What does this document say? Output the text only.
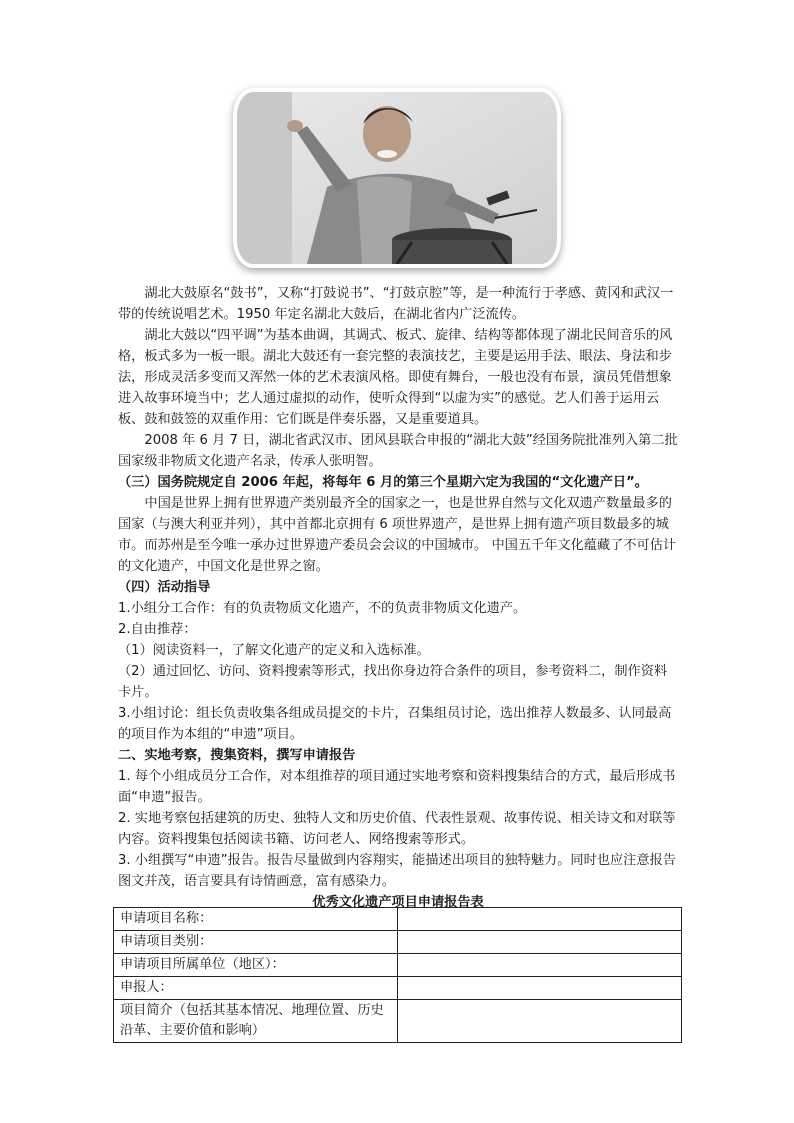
湖北大鼓原名“鼓书”，又称“打鼓说书”、“打鼓京腔”等，是一种流行于孝感、黄冈和武汉一带的传统说唱艺术。1950 年定名湖北大鼓后，在湖北省内广泛流传。

湖北大鼓以“四平调”为基本曲调，其调式、板式、旋律、结构等都体现了湖北民间音乐的风格，板式多为一板一眼。湖北大鼓还有一套完整的表演技艺，主要是运用手法、眼法、身法和步法，形成灵活多变而又浑然一体的艺术表演风格。即使有舞台，一般也没有布景，演员凭借想象进入故事环境当中；艺人通过虚拟的动作，使听众得到“以虚为实”的感觉。艺人们善于运用云板、鼓和鼓签的双重作用：它们既是伴奏乐器，又是重要道具。

2008 年 6 月 7 日，湖北省武汉市、团风县联合申报的“湖北大鼓”经国务院批准列入第二批国家级非物质文化遗产名录，传承人张明智。

（三）国务院规定自 2006 年起，将每年 6 月的第三个星期六定为我国的“文化遗产日”。

中国是世界上拥有世界遗产类别最齐全的国家之一，也是世界自然与文化双遗产数量最多的国家（与澳大利亚并列），其中首都北京拥有 6 项世界遗产，是世界上拥有遗产项目数最多的城市。而苏州是至今唯一承办过世界遗产委员会会议的中国城市。 中国五千年文化蕴藏了不可估计的文化遗产，中国文化是世界之窗。

（四）活动指导

1.小组分工合作：有的负责物质文化遗产，不的负责非物质文化遗产。

2.自由推荐：

（1）阅读资料一，了解文化遗产的定义和入选标准。

（2）通过回忆、访问、资料搜索等形式，找出你身边符合条件的项目，参考资料二，制作资料卡片。

3.小组讨论：组长负责收集各组成员提交的卡片，召集组员讨论，选出推荐人数最多、认同最高的项目作为本组的“申遗”项目。

二、实地考察，搜集资料，撰写申请报告

1. 每个小组成员分工合作，对本组推荐的项目通过实地考察和资料搜集结合的方式，最后形成书面“申遗”报告。

2. 实地考察包括建筑的历史、独特人文和历史价值、代表性景观、故事传说、相关诗文和对联等内容。资料搜集包括阅读书籍、访问老人、网络搜索等形式。

3. 小组撰写“申遗”报告。报告尽量做到内容翔实，能描述出项目的独特魅力。同时也应注意报告图文并茂，语言要具有诗情画意，富有感染力。

优秀文化遗产项目申请报告表

申请项目名称：	
申请项目类别：	
申请项目所属单位（地区）：	
申报人：	
项目简介（包括其基本情况、地理位置、历史沿革、主要价值和影响）	
